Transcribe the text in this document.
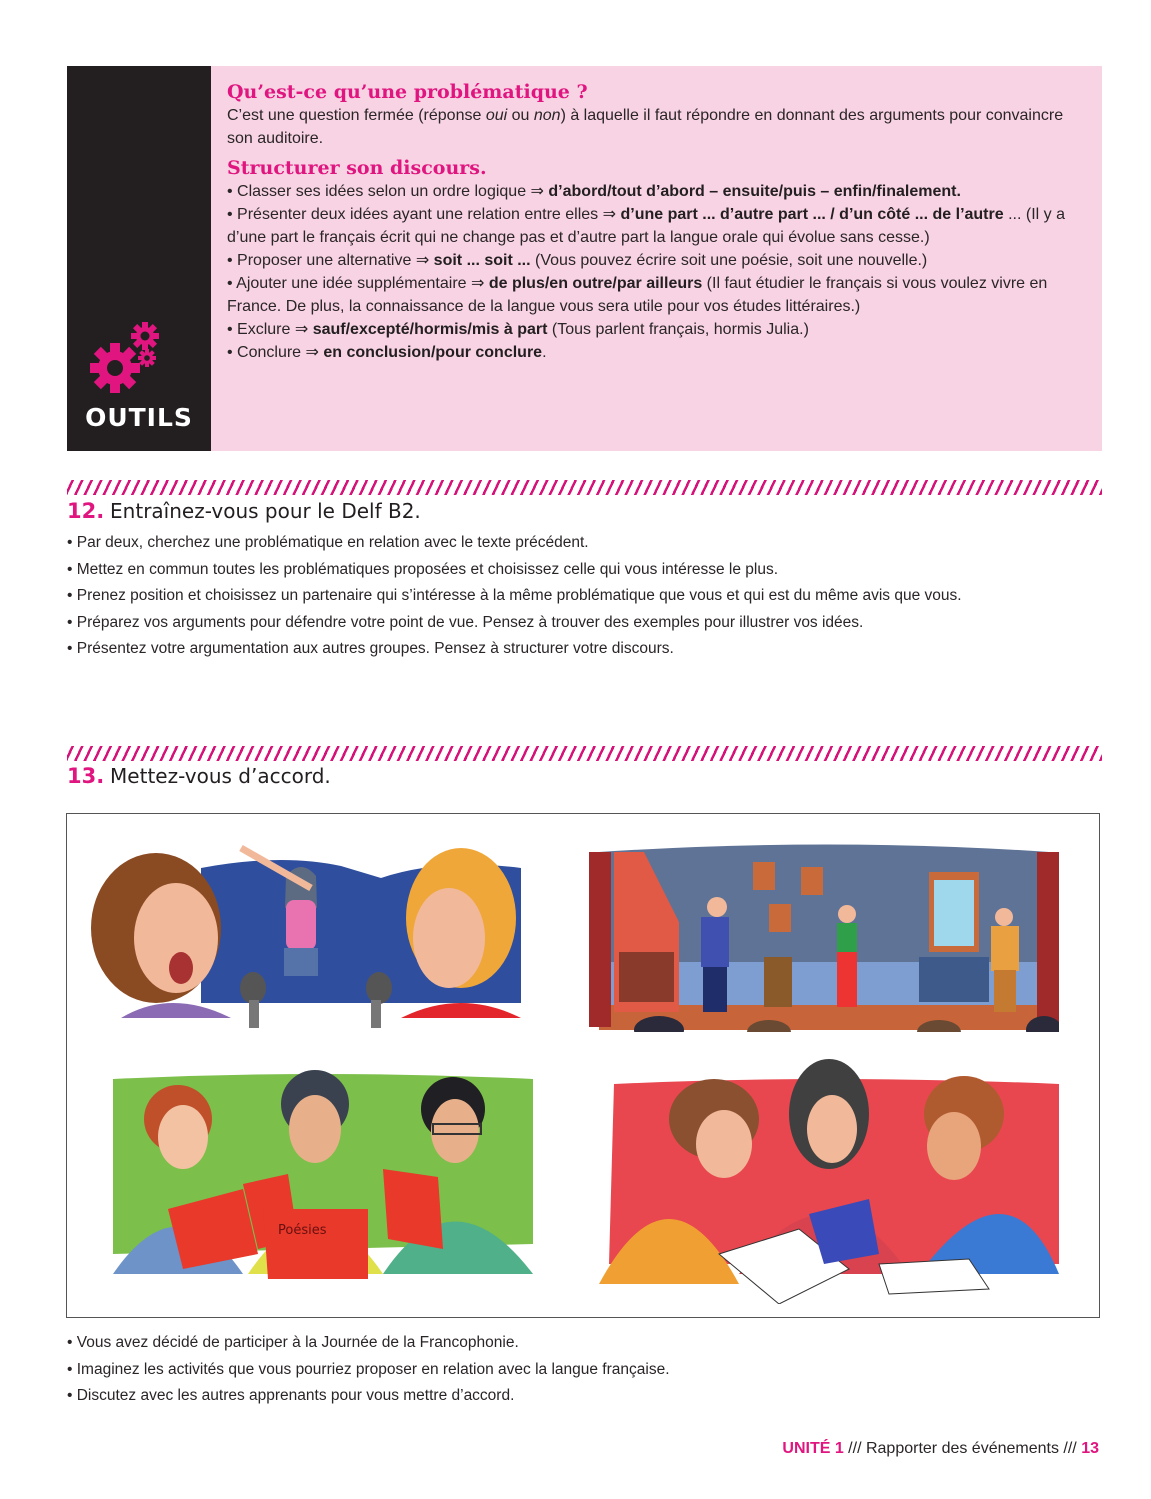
OUTILS
Qu’est-ce qu’une problématique ?

C’est une question fermée (réponse oui ou non) à laquelle il faut répondre en donnant des arguments pour convaincre son auditoire.

Structurer son discours.

• Classer ses idées selon un ordre logique ⇒ d’abord/tout d’abord – ensuite/puis – enfin/finalement.

• Présenter deux idées ayant une relation entre elles ⇒ d’une part ... d’autre part ... / d’un côté ... de l’autre ... (Il y a d’une part le français écrit qui ne change pas et d’autre part la langue orale qui évolue sans cesse.)

• Proposer une alternative ⇒ soit ... soit ... (Vous pouvez écrire soit une poésie, soit une nouvelle.)

• Ajouter une idée supplémentaire ⇒ de plus/en outre/par ailleurs (Il faut étudier le français si vous voulez vivre en France. De plus, la connaissance de la langue vous sera utile pour vos études littéraires.)

• Exclure ⇒ sauf/excepté/hormis/mis à part (Tous parlent français, hormis Julia.)

• Conclure ⇒ en conclusion/pour conclure.

12. Entraînez-vous pour le Delf B2.
• Par deux, cherchez une problématique en relation avec le texte précédent.
• Mettez en commun toutes les problématiques proposées et choisissez celle qui vous intéresse le plus.
• Prenez position et choisissez un partenaire qui s’intéresse à la même problématique que vous et qui est du même avis que vous.
• Préparez vos arguments pour défendre votre point de vue. Pensez à trouver des exemples pour illustrer vos idées.
• Présentez votre argumentation aux autres groupes. Pensez à structurer votre discours.
13. Mettez-vous d’accord.
Poésies
• Vous avez décidé de participer à la Journée de la Francophonie.
• Imaginez les activités que vous pourriez proposer en relation avec la langue française.
• Discutez avec les autres apprenants pour vous mettre d’accord.
UNITÉ 1 /// Rapporter des événements /// 13
